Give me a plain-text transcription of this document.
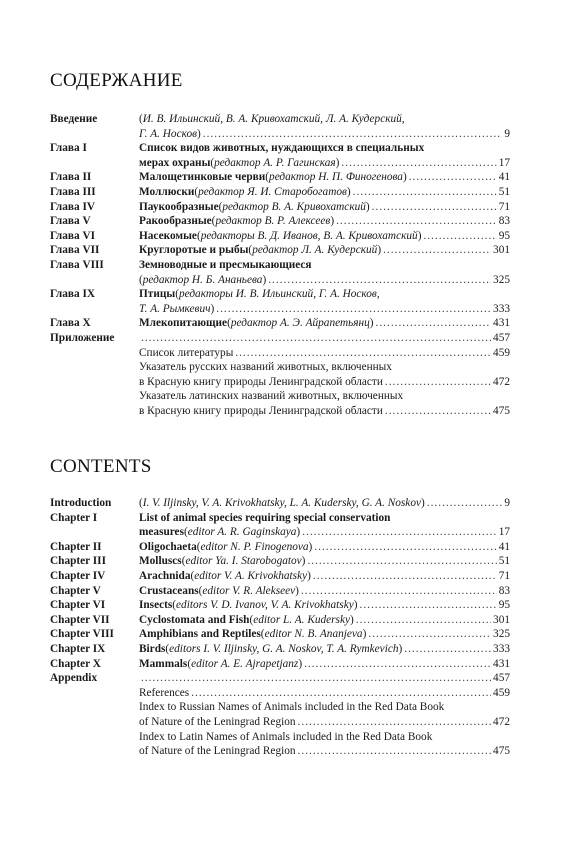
СОДЕРЖАНИЕ
Введение	( И. В. Ильинский, В. А. Кривохатский, Л. А. Кудерский,
Г. А. Носков ) .....	9
Глава I	Список видов животных, нуждающихся в специальных
мерах охраны ( редактор А. Р. Гагинская ) .....	17
Глава II	Малощетинковые черви ( редактор Н. П. Финогенова ) .....	41
Глава III	Моллюски ( редактор Я. И. Старобогатов ) .....	51
Глава IV	Паукообразные ( редактор В. А. Кривохатский ) .....	71
Глава V	Ракообразные ( редактор В. Р. Алексеев ) .....	83
Глава VI	Насекомые ( редакторы В. Д. Иванов, В. А. Кривохатский ) .....	95
Глава VII	Круглоротые и рыбы ( редактор Л. А. Кудерский ) .....	301
Глава VIII	Земноводные и пресмыкающиеся
( редактор Н. Б. Ананьева ) .....	325
Глава IX	Птицы ( редакторы И. В. Ильинский, Г. А. Носков,
Т. А. Рымкевич ) .....	333
Глава X	Млекопитающие ( редактор А. Э. Айрапетьянц ) .....	431
Приложение .....	457
Список литературы .....	459
Указатель русских названий животных, включенных
в Красную книгу природы Ленинградской области .....	472
Указатель латинских названий животных, включенных
в Красную книгу природы Ленинградской области .....	475
CONTENTS
Introduction ( I. V. Iljinsky, V. A. Krivokhatsky, L. A. Kudersky, G. A. Noskov ) .....	9
Chapter I	List of animal species requiring special conservation
measures ( editor A. R. Gaginskaya ) .....	17
Chapter II	Oligochaeta ( editor N. P. Finogenova ) .....	41
Chapter III	Molluscs ( editor Ya. I. Starobogatov ) .....	51
Chapter IV	Arachnida ( editor V. A. Krivokhatsky ) .....	71
Chapter V	Crustaceans ( editor V. R. Alekseev ) .....	83
Chapter VI	Insects ( editors V. D. Ivanov, V. A. Krivokhatsky ) .....	95
Chapter VII	Cyclostomata and Fish ( editor L. A. Kudersky ) .....	301
Chapter VIII Amphibians and Reptiles ( editor N. B. Ananjeva ) .....	325
Chapter IX	Birds ( editors I. V. Iljinsky, G. A. Noskov, T. A. Rymkevich ) .....	333
Chapter X	Mammals ( editor A. E. Ajrapetjanz ) .....	431
Appendix .....	457
References .....	459
Index to Russian Names of Animals included in the Red Data Book
of Nature of the Leningrad Region .....	472
Index to Latin Names of Animals included in the Red Data Book
of Nature of the Leningrad Region .....	475
